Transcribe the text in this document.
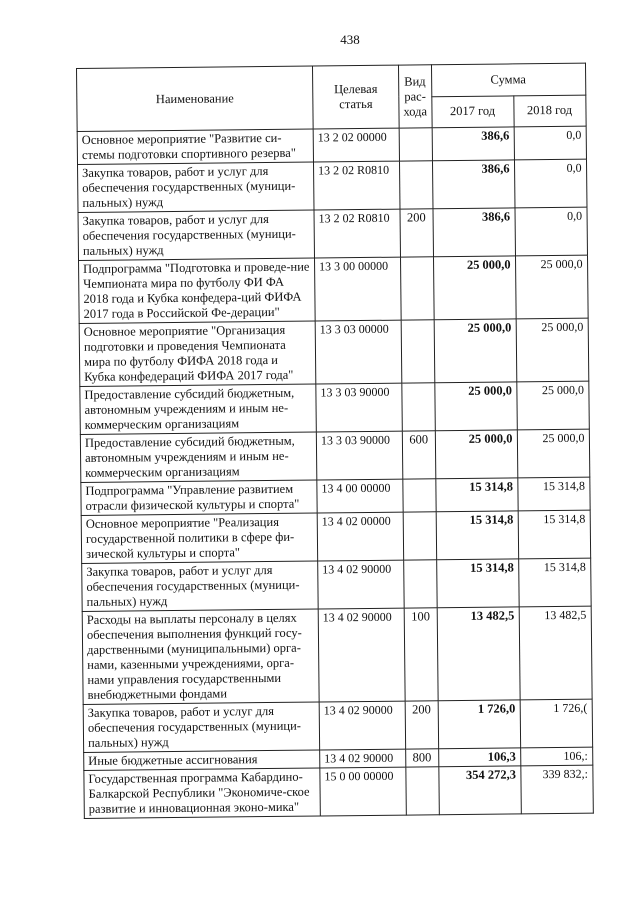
438
Наименование	Целевая статья	Вид рас-хода	Сумма	
			2017 год	2018 год
Основное мероприятие "Развитие си-стемы подготовки спортивного резерва"	13 2 02 00000		386,6	0,0
Закупка товаров, работ и услуг для обеспечения государственных (муници-пальных) нужд	13 2 02 R0810		386,6	0,0
Закупка товаров, работ и услуг для обеспечения государственных (муници-пальных) нужд	13 2 02 R0810	200	386,6	0,0
Подпрограмма "Подготовка и проведе-ние Чемпионата мира по футболу ФИ ФА 2018 года и Кубка конфедера-ций ФИФА 2017 года в Российской Фе-дерации"	13 3 00 00000		25 000,0	25 000,0
Основное мероприятие "Организация подготовки и проведения Чемпионата мира по футболу ФИФА 2018 года и Кубка конфедераций ФИФА 2017 года"	13 3 03 00000		25 000,0	25 000,0
Предоставление субсидий бюджетным, автономным учреждениям и иным не-коммерческим организациям	13 3 03 90000		25 000,0	25 000,0
Предоставление субсидий бюджетным, автономным учреждениям и иным не-коммерческим организациям	13 3 03 90000	600	25 000,0	25 000,0
Подпрограмма "Управление развитием отрасли физической культуры и спорта"	13 4 00 00000		15 314,8	15 314,8
Основное мероприятие "Реализация государственной политики в сфере фи-зической культуры и спорта"	13 4 02 00000		15 314,8	15 314,8
Закупка товаров, работ и услуг для обеспечения государственных (муници-пальных) нужд	13 4 02 90000		15 314,8	15 314,8
Расходы на выплаты персоналу в целях обеспечения выполнения функций госу-дарственными (муниципальными) орга-нами, казенными учреждениями, орга-нами управления государственными внебюджетными фондами	13 4 02 90000	100	13 482,5	13 482,5
Закупка товаров, работ и услуг для обеспечения государственных (муници-пальных) нужд	13 4 02 90000	200	1 726,0	1 726,(
Иные бюджетные ассигнования	13 4 02 90000	800	106,3	106,:
Государственная программа Кабардино-Балкарской Республики "Экономиче-ское развитие и инновационная эконо-мика"	15 0 00 00000		354 272,3	339 832,:
